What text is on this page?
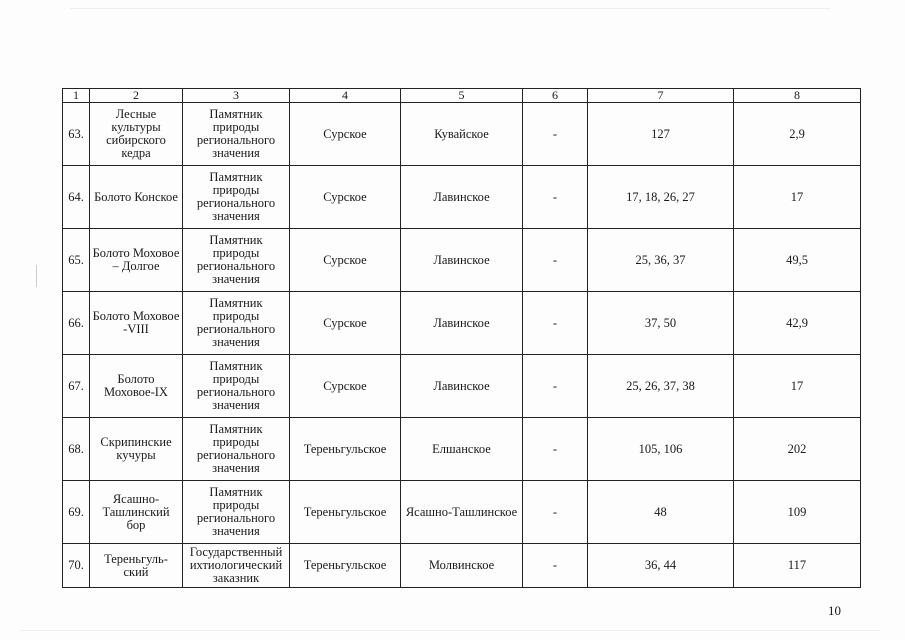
1	2	3	4	5	6	7	8
63.	Лесные культуры сибирского кедра	Памятник природы регионального значения	Сурское	Кувайское	-	127	2,9
64.	Болото Конское	Памятник природы регионального значения	Сурское	Лавинское	-	17, 18, 26, 27	17
65.	Болото Моховое – Долгое	Памятник природы регионального значения	Сурское	Лавинское	-	25, 36, 37	49,5
66.	Болото Моховое -VIII	Памятник природы регионального значения	Сурское	Лавинское	-	37, 50	42,9
67.	Болото Моховое-IX	Памятник природы регионального значения	Сурское	Лавинское	-	25, 26, 37, 38	17
68.	Скрипинские кучуры	Памятник природы регионального значения	Тереньгульское	Елшанское	-	105, 106	202
69.	Ясашно-Ташлинский бор	Памятник природы регионального значения	Тереньгульское	Ясашно-Ташлинское	-	48	109
70.	Тереньгуль-ский	Государственный ихтиологический заказник	Тереньгульское	Молвинское	-	36, 44	117
10
